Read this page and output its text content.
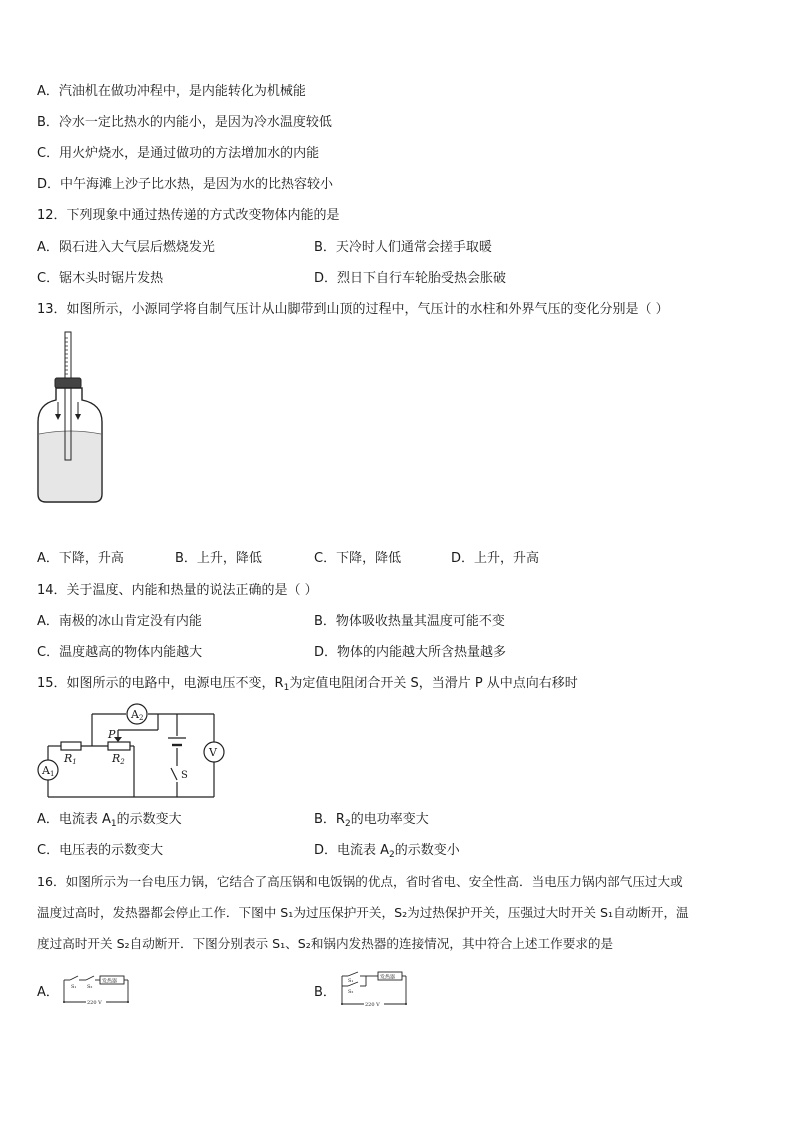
A．汽油机在做功冲程中，是内能转化为机械能
B．冷水一定比热水的内能小，是因为冷水温度较低
C．用火炉烧水，是通过做功的方法增加水的内能
D．中午海滩上沙子比水热，是因为水的比热容较小
12．下列现象中通过热传递的方式改变物体内能的是
A．陨石进入大气层后燃烧发光	B．天冷时人们通常会搓手取暖
C．锯木头时锯片发热	D．烈日下自行车轮胎受热会胀破
13．如图所示，小源同学将自制气压计从山脚带到山顶的过程中，气压计的水柱和外界气压的变化分别是（ ）
A．下降，升高	B．上升，降低	C．下降，降低	D．上升，升高
14．关于温度、内能和热量的说法正确的是（ ）
A．南极的冰山肯定没有内能	B．物体吸收热量其温度可能不变
C．温度越高的物体内能越大	D．物体的内能越大所含热量越多
15．如图所示的电路中，电源电压不变，$R_1$为定值电阻闭合开关 S，当滑片 P 从中点向右移时
A2
A1
V
R1	R2
P
S
A．电流表 $A_1$的示数变大	B．$R_2$的电功率变大
C．电压表的示数变大	D．电流表 $A_2$的示数变小
16．如图所示为一台电压力锅，它结合了高压锅和电饭锅的优点，省时省电、安全性高．当电压力锅内部气压过大或
温度过高时，发热器都会停止工作．下图中 S₁为过压保护开关，S₂为过热保护开关，压强过大时开关 S₁自动断开，温
度过高时开关 S₂自动断开．下图分别表示 S₁、S₂和锅内发热器的连接情况，其中符合上述工作要求的是
A．
发热器
S₁ S₂
220 V
B．
发热器
S₁
S₂
220 V
